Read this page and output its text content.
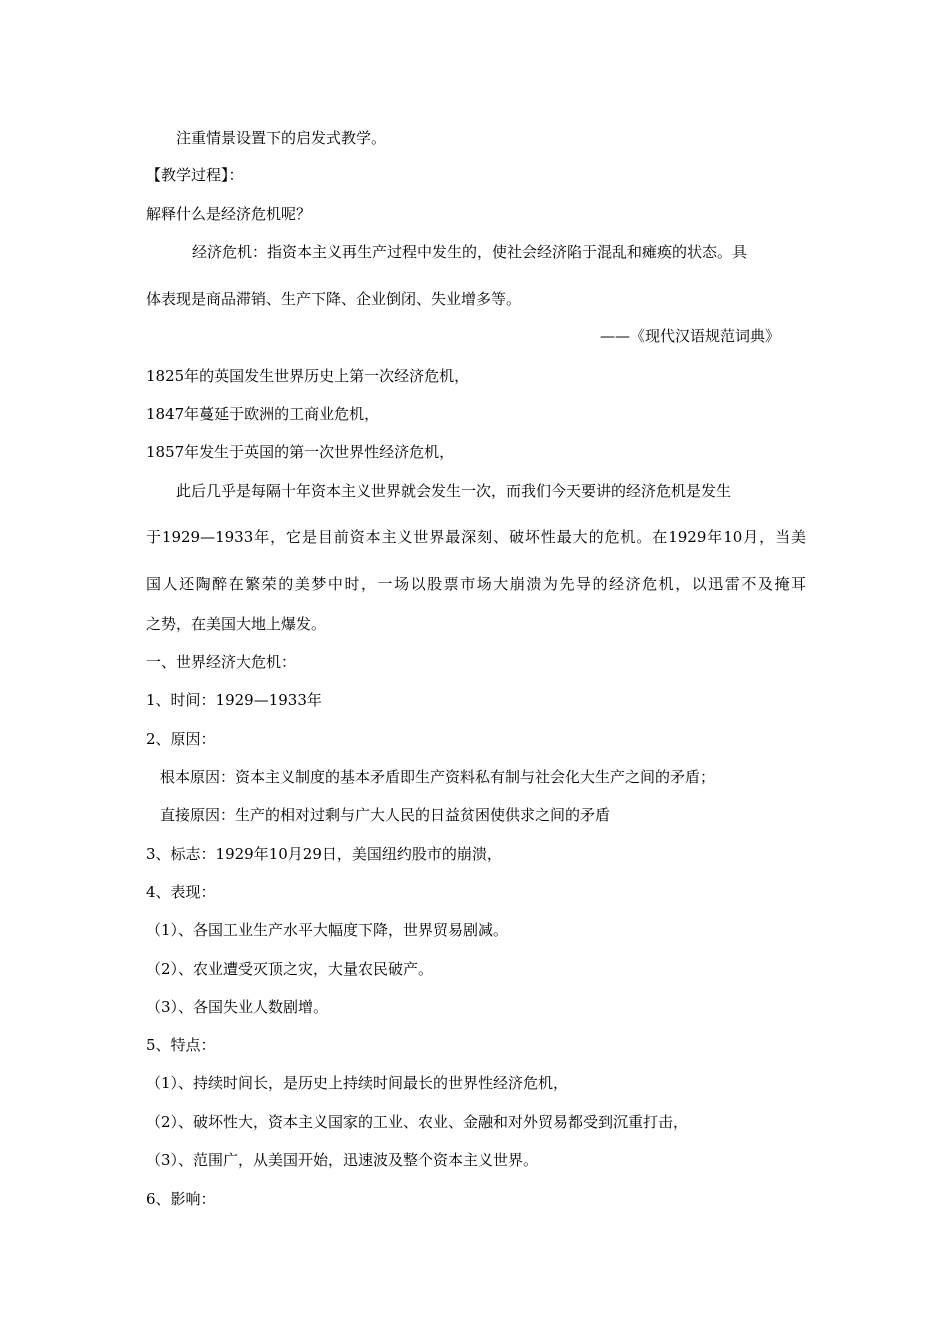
注重情景设置下的启发式教学。
【教学过程】：
解释什么是经济危机呢？
经济危机：指资本主义再生产过程中发生的，使社会经济陷于混乱和瘫痪的状态。具
体表现是商品滞销、生产下降、企业倒闭、失业增多等。
——《现代汉语规范词典》
1825年的英国发生世界历史上第一次经济危机，
1847年蔓延于欧洲的工商业危机，
1857年发生于英国的第一次世界性经济危机，
此后几乎是每隔十年资本主义世界就会发生一次，而我们今天要讲的经济危机是发生
于1929—1933年，它是目前资本主义世界最深刻、破坏性最大的危机。在1929年10月，当美
国人还陶醉在繁荣的美梦中时，一场以股票市场大崩溃为先导的经济危机，以迅雷不及掩耳
之势，在美国大地上爆发。
一、世界经济大危机：
1、时间：1929—1933年
2、原因：
根本原因：资本主义制度的基本矛盾即生产资料私有制与社会化大生产之间的矛盾；
直接原因：生产的相对过剩与广大人民的日益贫困使供求之间的矛盾
3、标志：1929年10月29日，美国纽约股市的崩溃，
4、表现：
（1）、各国工业生产水平大幅度下降，世界贸易剧减。
（2）、农业遭受灭顶之灾，大量农民破产。
（3）、各国失业人数剧增。
5、特点：
（1）、持续时间长，是历史上持续时间最长的世界性经济危机，
（2）、破坏性大，资本主义国家的工业、农业、金融和对外贸易都受到沉重打击，
（3）、范围广，从美国开始，迅速波及整个资本主义世界。
6、影响：
